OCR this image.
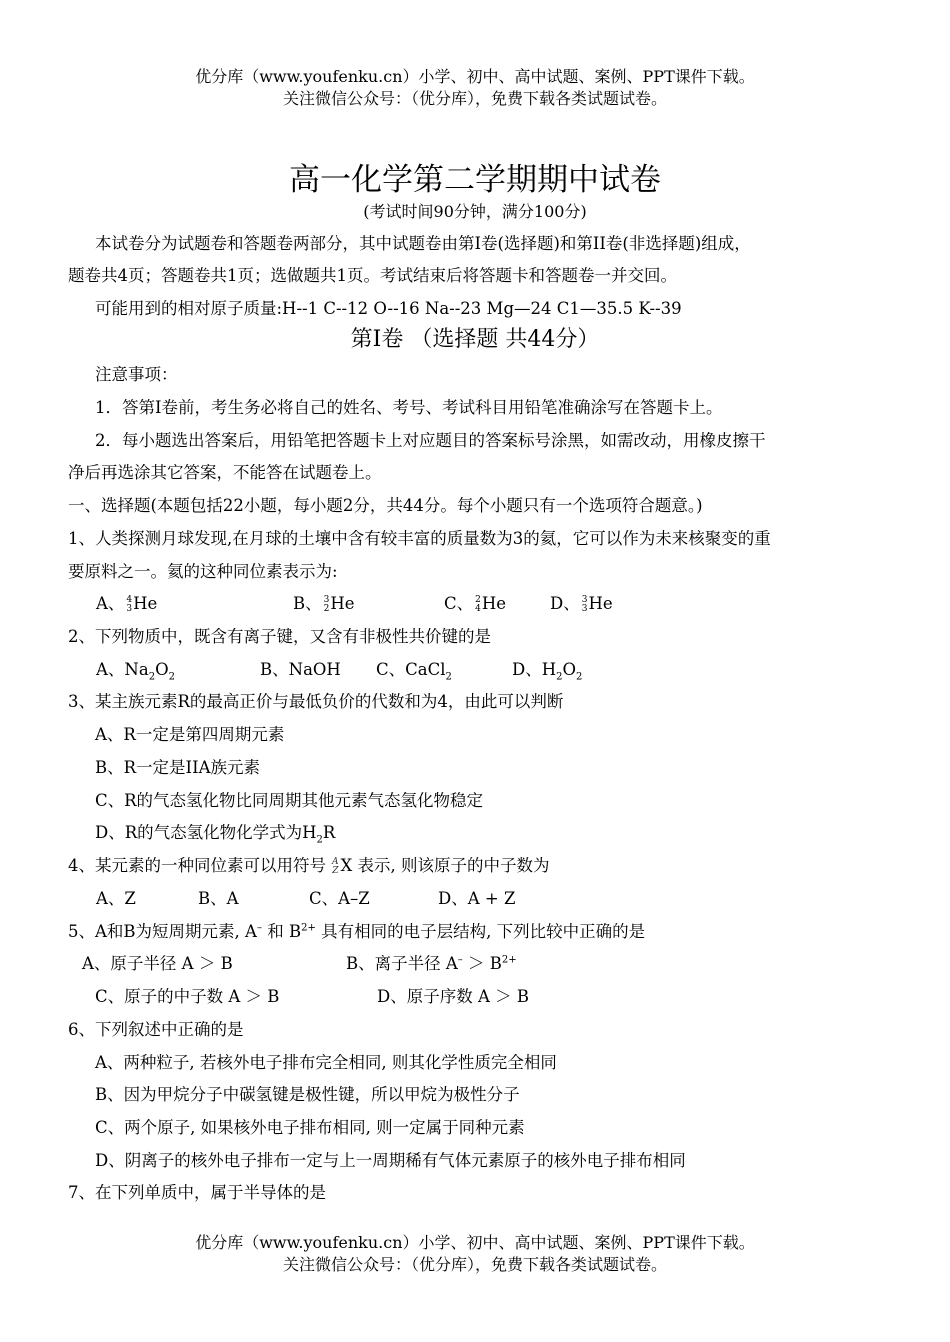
优分库（www.youfenku.cn）小学、初中、高中试题、案例、PPT课件下载。
关注微信公众号：（优分库），免费下载各类试题试卷。
高一化学第二学期期中试卷
(考试时间90分钟，满分100分)
本试卷分为试题卷和答题卷两部分，其中试题卷由第Ⅰ卷(选择题)和第ⅠⅠ卷(非选择题)组成，
题卷共4页；答题卷共1页；选做题共1页。考试结束后将答题卡和答题卷一并交回。
可能用到的相对原子质量:H--1 C--12 O--16 Na--23 Mg—24 C1—35.5 K--39
第Ⅰ卷 （选择题 共44分）
注意事项：
1．答第Ⅰ卷前，考生务必将自己的姓名、考号、考试科目用铅笔准确涂写在答题卡上。
2．每小题选出答案后，用铅笔把答题卡上对应题目的答案标号涂黑，如需改动，用橡皮擦干
净后再选涂其它答案，不能答在试题卷上。
一、选择题(本题包括22小题，每小题2分，共44分。每个小题只有一个选项符合题意。)
1、人类探测月球发现,在月球的土壤中含有较丰富的质量数为3的氦，它可以作为未来核聚变的重
要原料之一。氦的这种同位素表示为:
A、 4
3 He	B、 3
2 He	C、 2
4 He	D、 3
3 He
2、下列物质中，既含有离子键，又含有非极性共价键的是
A、$Na_2O_2$	B、NaOH C、CaCl$_2$	D、$H_2O_2$
3、某主族元素R的最高正价与最低负价的代数和为4，由此可以判断
A、R一定是第四周期元素
B、R一定是IIA族元素
C、R的气态氢化物比同周期其他元素气态氢化物稳定
D、R的气态氢化物化学式为$H_2R$
4、某元素的一种同位素可以用符号 A
Z X 表示, 则该原子的中子数为
A、Z	B、A	C、A–Z	D、A + Z
5、A和B为短周期元素, A– 和 $B^{2+}$ 具有相同的电子层结构, 下列比较中正确的是
A、原子半径 A ＞ B	B、离子半径 $A^- > B^{2+}$
C、原子的中子数 A ＞ B	D、原子序数 A ＞ B
6、下列叙述中正确的是
A、两种粒子, 若核外电子排布完全相同, 则其化学性质完全相同
B、因为甲烷分子中碳氢键是极性键，所以甲烷为极性分子
C、两个原子, 如果核外电子排布相同, 则一定属于同种元素
D、阴离子的核外电子排布一定与上一周期稀有气体元素原子的核外电子排布相同
7、在下列单质中，属于半导体的是
优分库（www.youfenku.cn）小学、初中、高中试题、案例、PPT课件下载。
关注微信公众号：（优分库），免费下载各类试题试卷。
